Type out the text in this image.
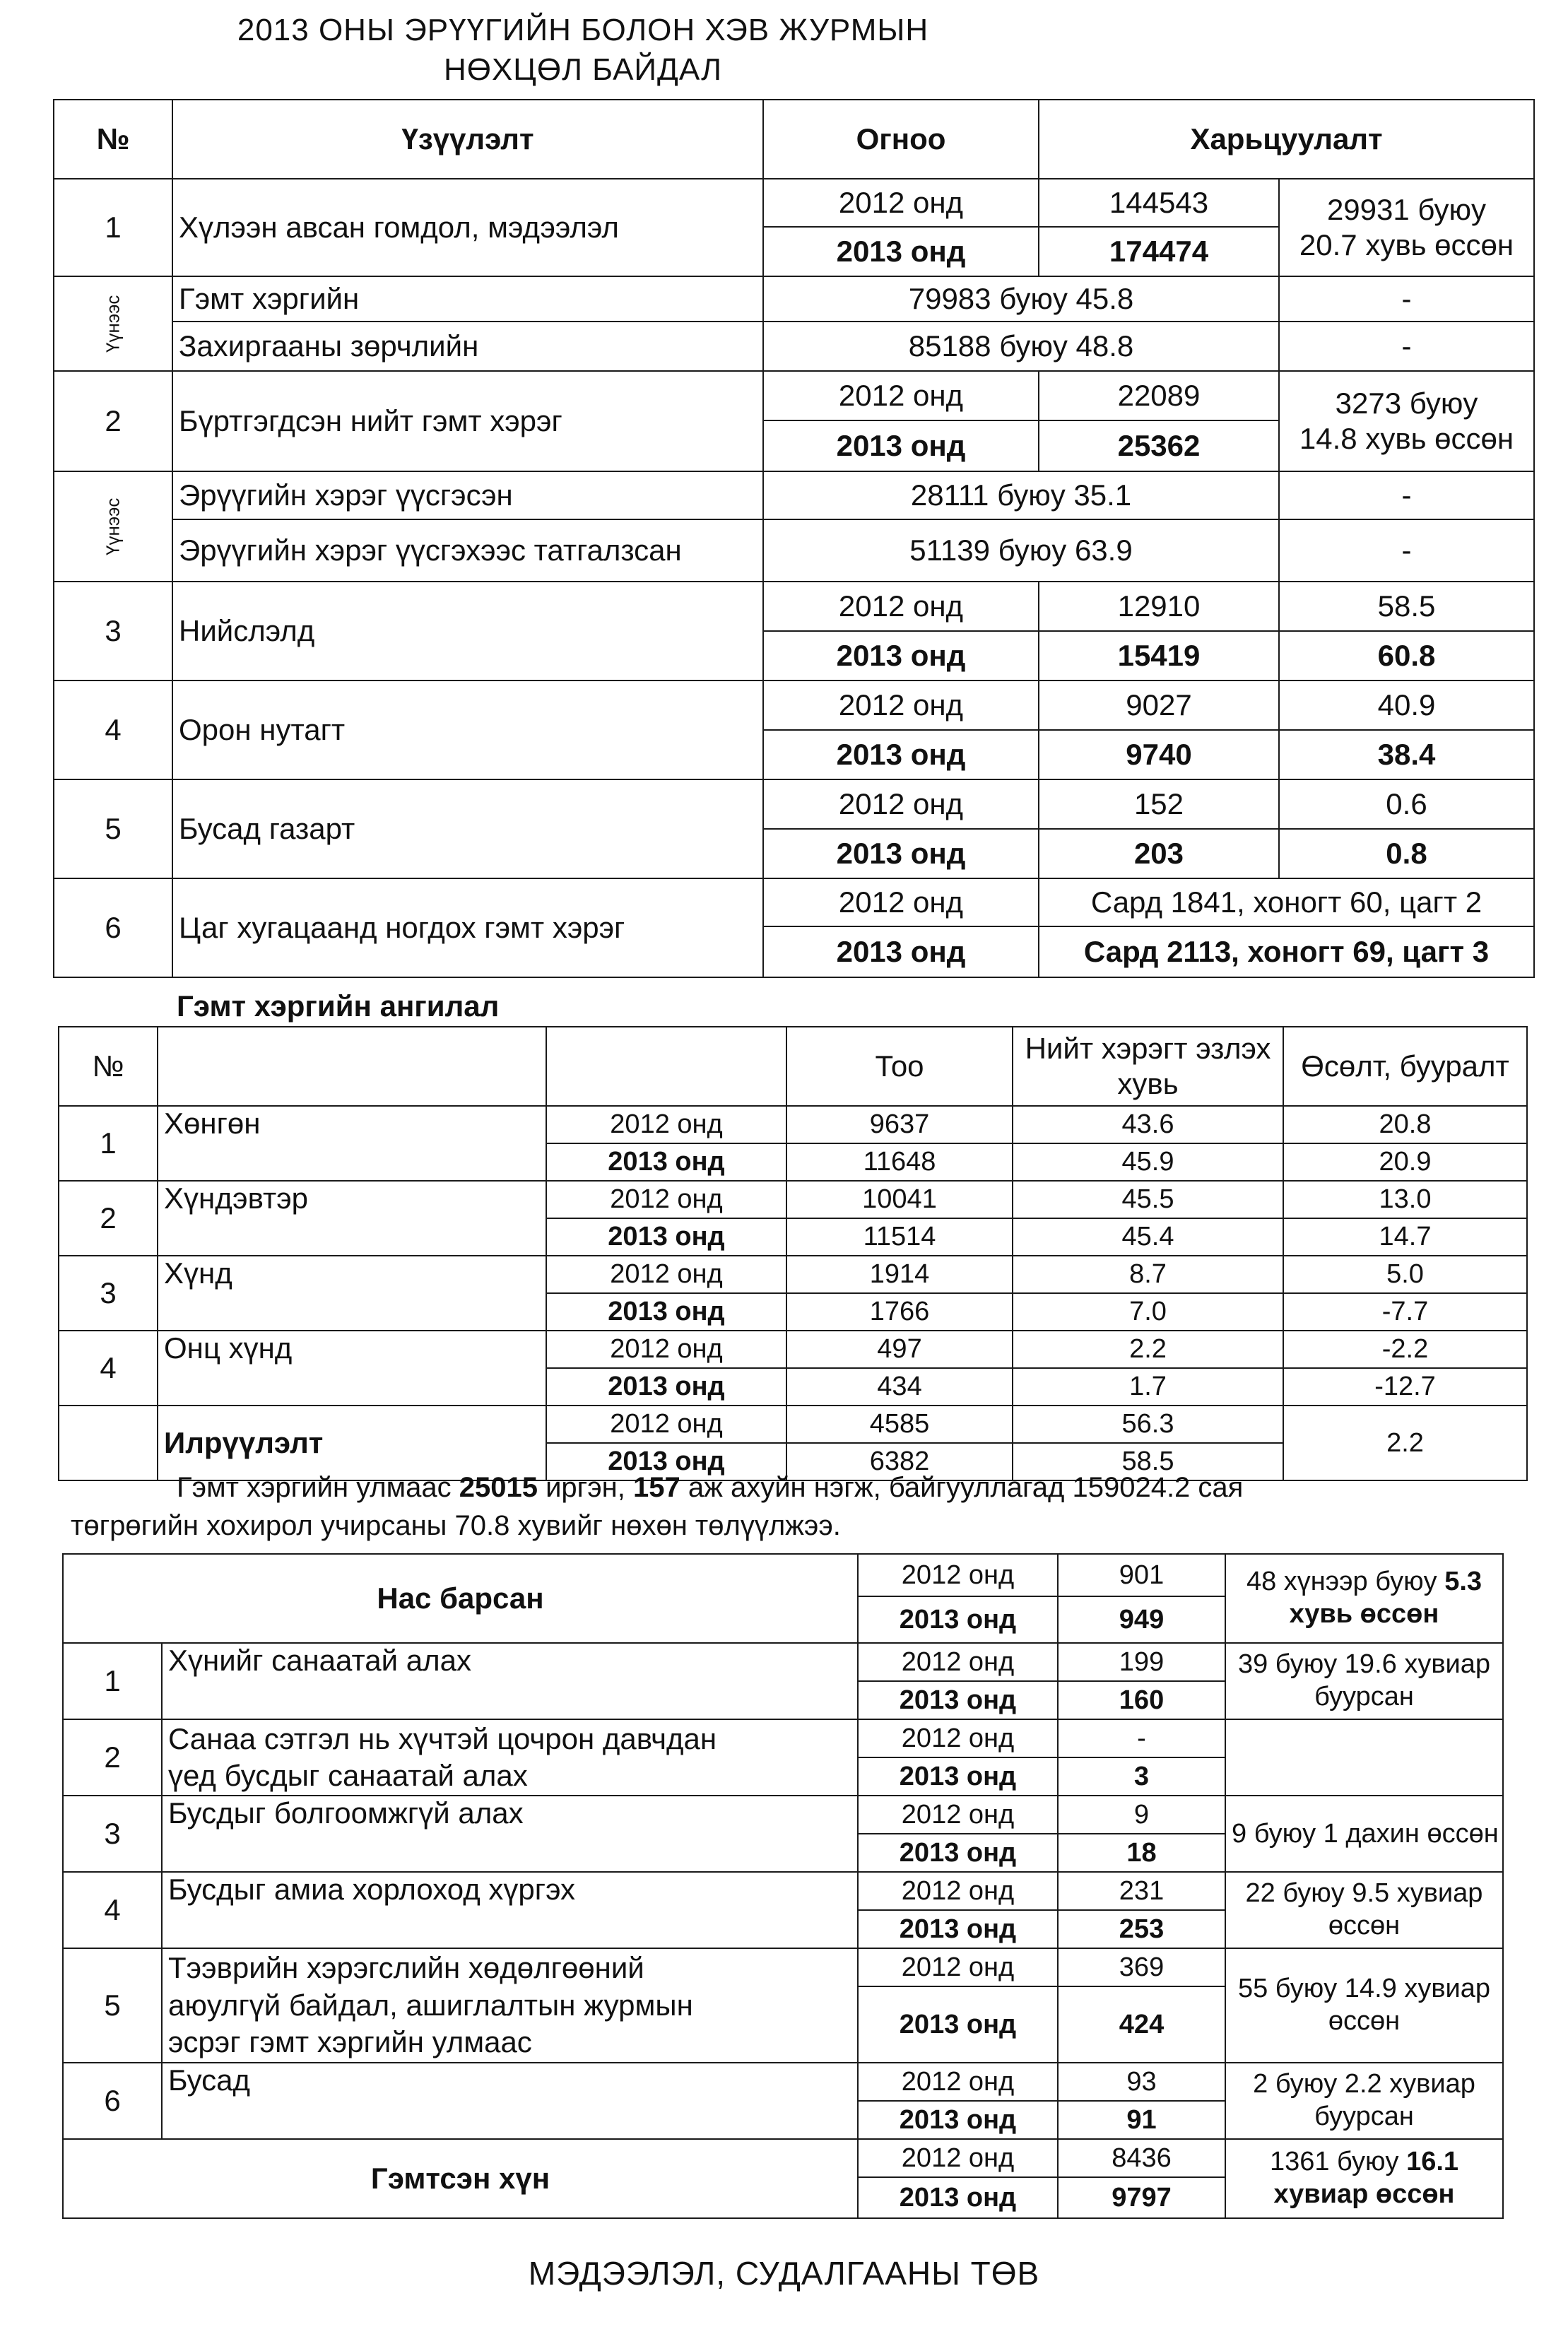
2013 ОНЫ ЭРҮҮГИЙН БОЛОН ХЭВ ЖУРМЫН
НӨХЦӨЛ БАЙДАЛ
№	Үзүүлэлт	Огноо	Харьцуулалт	
1	Хүлээн авсан гомдол, мэдээлэл	2012 онд	144543	29931 буюу
20.7 хувь өссөн
		2013 онд	174474	
Үүнээс	Гэмт хэргийн	79983 буюу 45.8		-
	Захиргааны зөрчлийн	85188 буюу 48.8		-
2	Бүртгэгдсэн нийт гэмт хэрэг	2012 онд	22089	3273 буюу
14.8 хувь өссөн
		2013 онд	25362	
Үүнээс	Эрүүгийн хэрэг үүсгэсэн	28111 буюу 35.1		-
	Эрүүгийн хэрэг үүсгэхээс татгалзсан	51139 буюу 63.9		-
3	Нийслэлд	2012 онд	12910	58.5
		2013 онд	15419	60.8
4	Орон нутагт	2012 онд	9027	40.9
		2013 онд	9740	38.4
5	Бусад газарт	2012 онд	152	0.6
		2013 онд	203	0.8
6	Цаг хугацаанд ногдох гэмт хэрэг	2012 онд	Сард 1841, хоногт 60, цагт 2	
		2013 онд	Сард 2113, хоногт 69, цагт 3	
Гэмт хэргийн ангилал
№			Тоо	Нийт хэрэгт эзлэх хувь	Өсөлт, бууралт
1	Хөнгөн	2012 онд	9637	43.6	20.8
		2013 онд	11648	45.9	20.9
2	Хүндэвтэр	2012 онд	10041	45.5	13.0
		2013 онд	11514	45.4	14.7
3	Хүнд	2012 онд	1914	8.7	5.0
		2013 онд	1766	7.0	-7.7
4	Онц хүнд	2012 онд	497	2.2	-2.2
		2013 онд	434	1.7	-12.7
	Илрүүлэлт	2012 онд	4585	56.3	2.2
		2013 онд	6382	58.5	
Гэмт хэргийн улмаас 25015 иргэн, 157 аж ахуйн нэгж, байгууллагад 159024.2 сая
төгрөгийн хохирол учирсаны 70.8 хувийг нөхөн төлүүлжээ.
Нас барсан		2012 онд	901	48 хүнээр буюу 5.3
хувь өссөн
		2013 онд	949	
1	Хүнийг санаатай алах	2012 онд	199	39 буюу 19.6 хувиар
буурсан
		2013 онд	160	
2	Санаа сэтгэл нь хүчтэй цочрон давчдан
үед бусдыг санаатай алах	2012 онд	-	
		2013 онд	3	
3	Бусдыг болгоомжгүй алах	2012 онд	9	9 буюу 1 дахин өссөн
		2013 онд	18	
4	Бусдыг амиа хорлоход хүргэх	2012 онд	231	22 буюу 9.5 хувиар
өссөн
		2013 онд	253	
5	Тээврийн хэрэгслийн хөдөлгөөний
аюулгүй байдал, ашиглалтын журмын
эсрэг гэмт хэргийн улмаас	2012 онд	369	55 буюу 14.9 хувиар
өссөн
		2013 онд	424	
6	Бусад	2012 онд	93	2 буюу 2.2 хувиар
буурсан
		2013 онд	91	
Гэмтсэн хүн		2012 онд	8436	1361 буюу 16.1
хувиар өссөн
		2013 онд	9797	
МЭДЭЭЛЭЛ, СУДАЛГААНЫ ТӨВ
